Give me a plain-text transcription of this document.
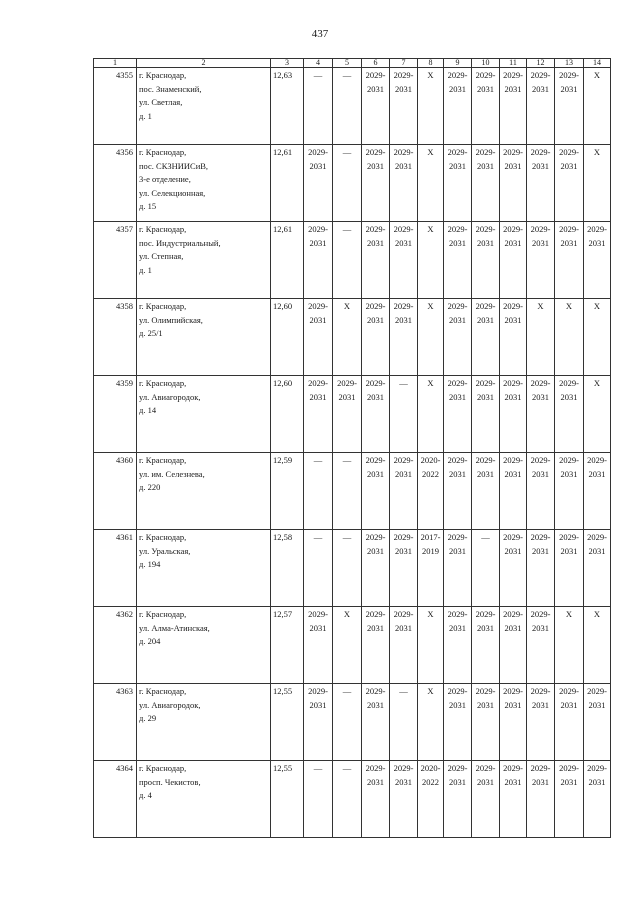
437
1	2	3	4	5	6	7	8	9	10	11	12	13	14
4355	г. Краснодар,
пос. Знаменский,
ул. Светлая,
д. 1	12,63	—	—	2029-2031	2029-2031	X	2029-2031	2029-2031	2029-2031	2029-2031	2029-2031	X
4356	г. Краснодар,
пос. СКЗНИИСиВ,
3-е отделение,
ул. Селекционная,
д. 15	12,61	2029-2031	—	2029-2031	2029-2031	X	2029-2031	2029-2031	2029-2031	2029-2031	2029-2031	X
4357	г. Краснодар,
пос. Индустриальный,
ул. Степная,
д. 1	12,61	2029-2031	—	2029-2031	2029-2031	X	2029-2031	2029-2031	2029-2031	2029-2031	2029-2031	2029-2031
4358	г. Краснодар,
ул. Олимпийская,
д. 25/1	12,60	2029-2031	X	2029-2031	2029-2031	X	2029-2031	2029-2031	2029-2031	X	X	X
4359	г. Краснодар,
ул. Авиагородок,
д. 14	12,60	2029-2031	2029-2031	2029-2031	—	X	2029-2031	2029-2031	2029-2031	2029-2031	2029-2031	X
4360	г. Краснодар,
ул. им. Селезнева,
д. 220	12,59	—	—	2029-2031	2029-2031	2020-2022	2029-2031	2029-2031	2029-2031	2029-2031	2029-2031	2029-2031
4361	г. Краснодар,
ул. Уральская,
д. 194	12,58	—	—	2029-2031	2029-2031	2017-2019	2029-2031	—	2029-2031	2029-2031	2029-2031	2029-2031
4362	г. Краснодар,
ул. Алма-Атинская,
д. 204	12,57	2029-2031	X	2029-2031	2029-2031	X	2029-2031	2029-2031	2029-2031	2029-2031	X	X
4363	г. Краснодар,
ул. Авиагородок,
д. 29	12,55	2029-2031	—	2029-2031	—	X	2029-2031	2029-2031	2029-2031	2029-2031	2029-2031	2029-2031
4364	г. Краснодар,
просп. Чекистов,
д. 4	12,55	—	—	2029-2031	2029-2031	2020-2022	2029-2031	2029-2031	2029-2031	2029-2031	2029-2031	2029-2031
